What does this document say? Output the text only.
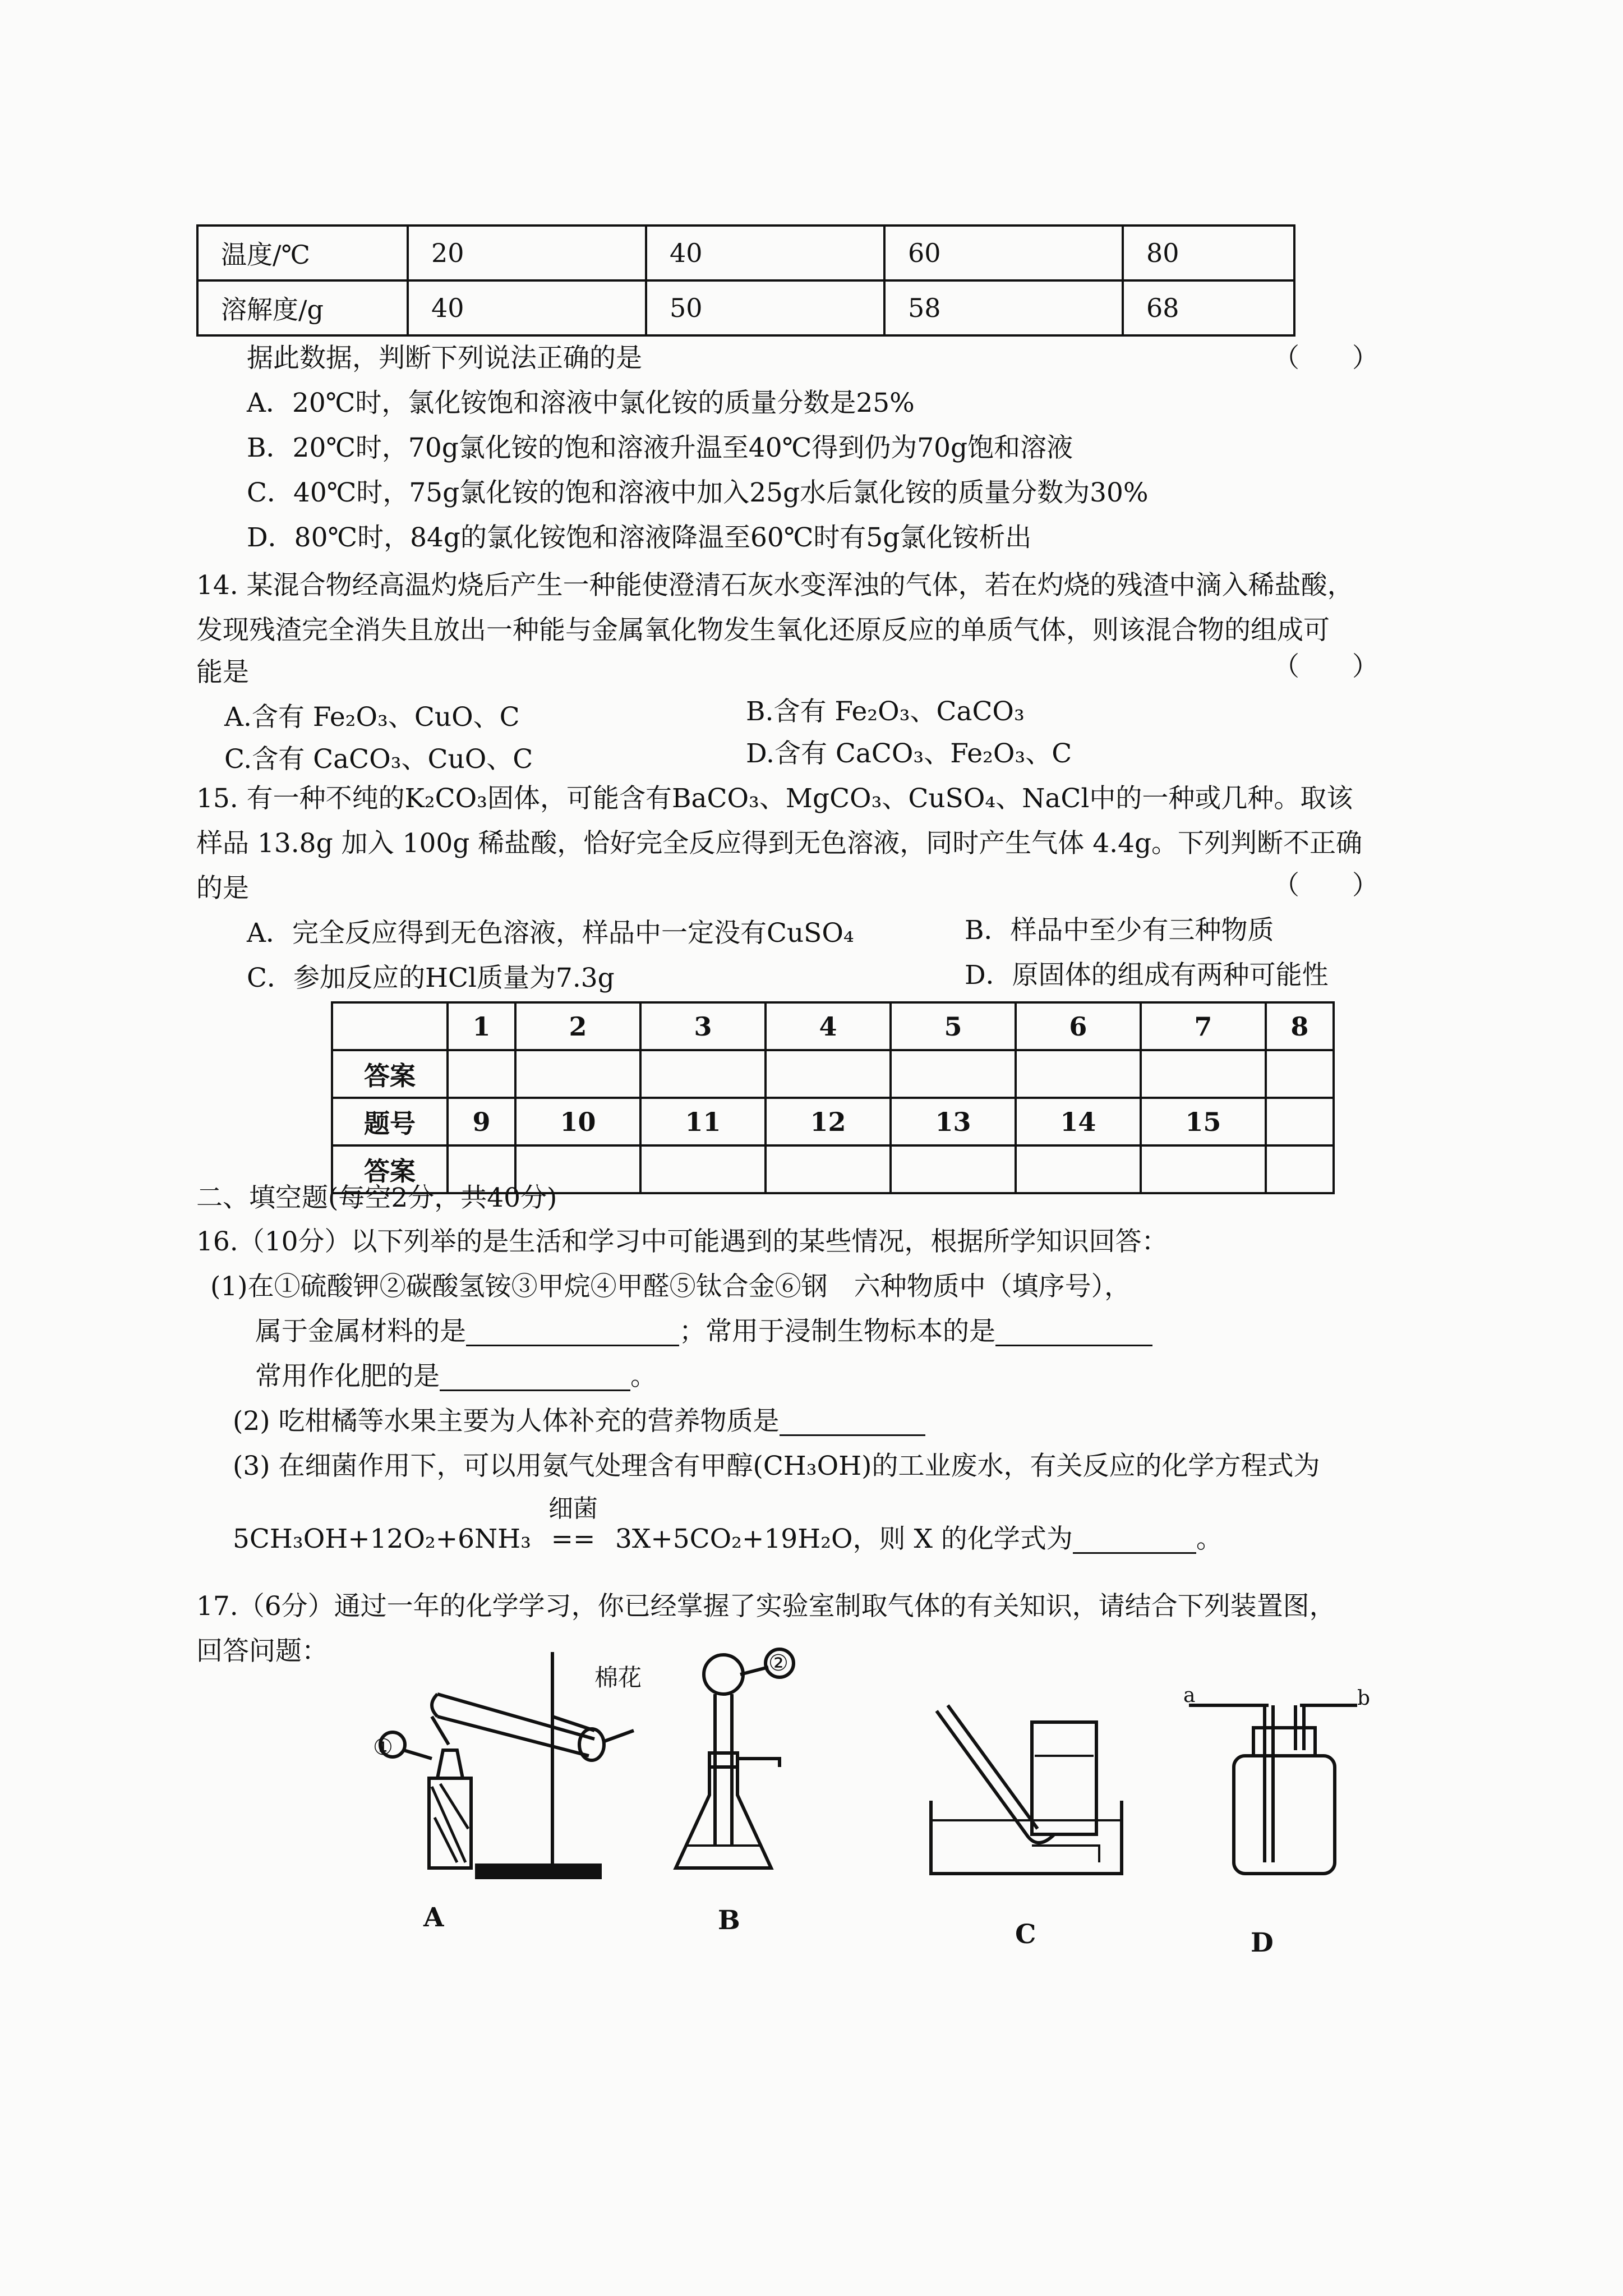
温度/℃	20	40	60	80
溶解度/g	40	50	58	68
据此数据，判断下列说法正确的是	（　　）
A．20℃时，氯化铵饱和溶液中氯化铵的质量分数是25%
B．20℃时，70g氯化铵的饱和溶液升温至40℃得到仍为70g饱和溶液
C．40℃时，75g氯化铵的饱和溶液中加入25g水后氯化铵的质量分数为30%
D．80℃时，84g的氯化铵饱和溶液降温至60℃时有5g氯化铵析出
14. 某混合物经高温灼烧后产生一种能使澄清石灰水变浑浊的气体，若在灼烧的残渣中滴入稀盐酸，
发现残渣完全消失且放出一种能与金属氧化物发生氧化还原反应的单质气体，则该混合物的组成可
能是	（　　）
A.含有 Fe₂O₃、CuO、C	B.含有 Fe₂O₃、CaCO₃
C.含有 CaCO₃、CuO、C	D.含有 CaCO₃、Fe₂O₃、C
15. 有一种不纯的K₂CO₃固体，可能含有BaCO₃、MgCO₃、CuSO₄、NaCl中的一种或几种。取该
样品 13.8g 加入 100g 稀盐酸，恰好完全反应得到无色溶液，同时产生气体 4.4g。下列判断不正确
的是	（　　）
A．完全反应得到无色溶液，样品中一定没有CuSO₄	B．样品中至少有三种物质
C．参加反应的HCl质量为7.3g	D．原固体的组成有两种可能性
	1	2	3	4	5	6	7	8
答案								
题号	9	10	11	12	13	14	15	
答案								
二、填空题(每空2分，共40分)
16.（10分）以下列举的是生活和学习中可能遇到的某些情况，根据所学知识回答：
(1)在①硫酸钾②碳酸氢铵③甲烷④甲醛⑤钛合金⑥钢　六种物质中（填序号），
属于金属材料的是	；常用于浸制生物标本的是
常用作化肥的是	。
(2) 吃柑橘等水果主要为人体补充的营养物质是
(3) 在细菌作用下，可以用氨气处理含有甲醇(CH₃OH)的工业废水，有关反应的化学方程式为
5CH₃OH+12O₂+6NH₃
细菌
== 3X+5CO₂+19H₂O，则 X 的化学式为	。
17.（6分）通过一年的化学学习，你已经掌握了实验室制取气体的有关知识，请结合下列装置图，
回答问题：
棉花
①
②
a	b
A	B	C	D
